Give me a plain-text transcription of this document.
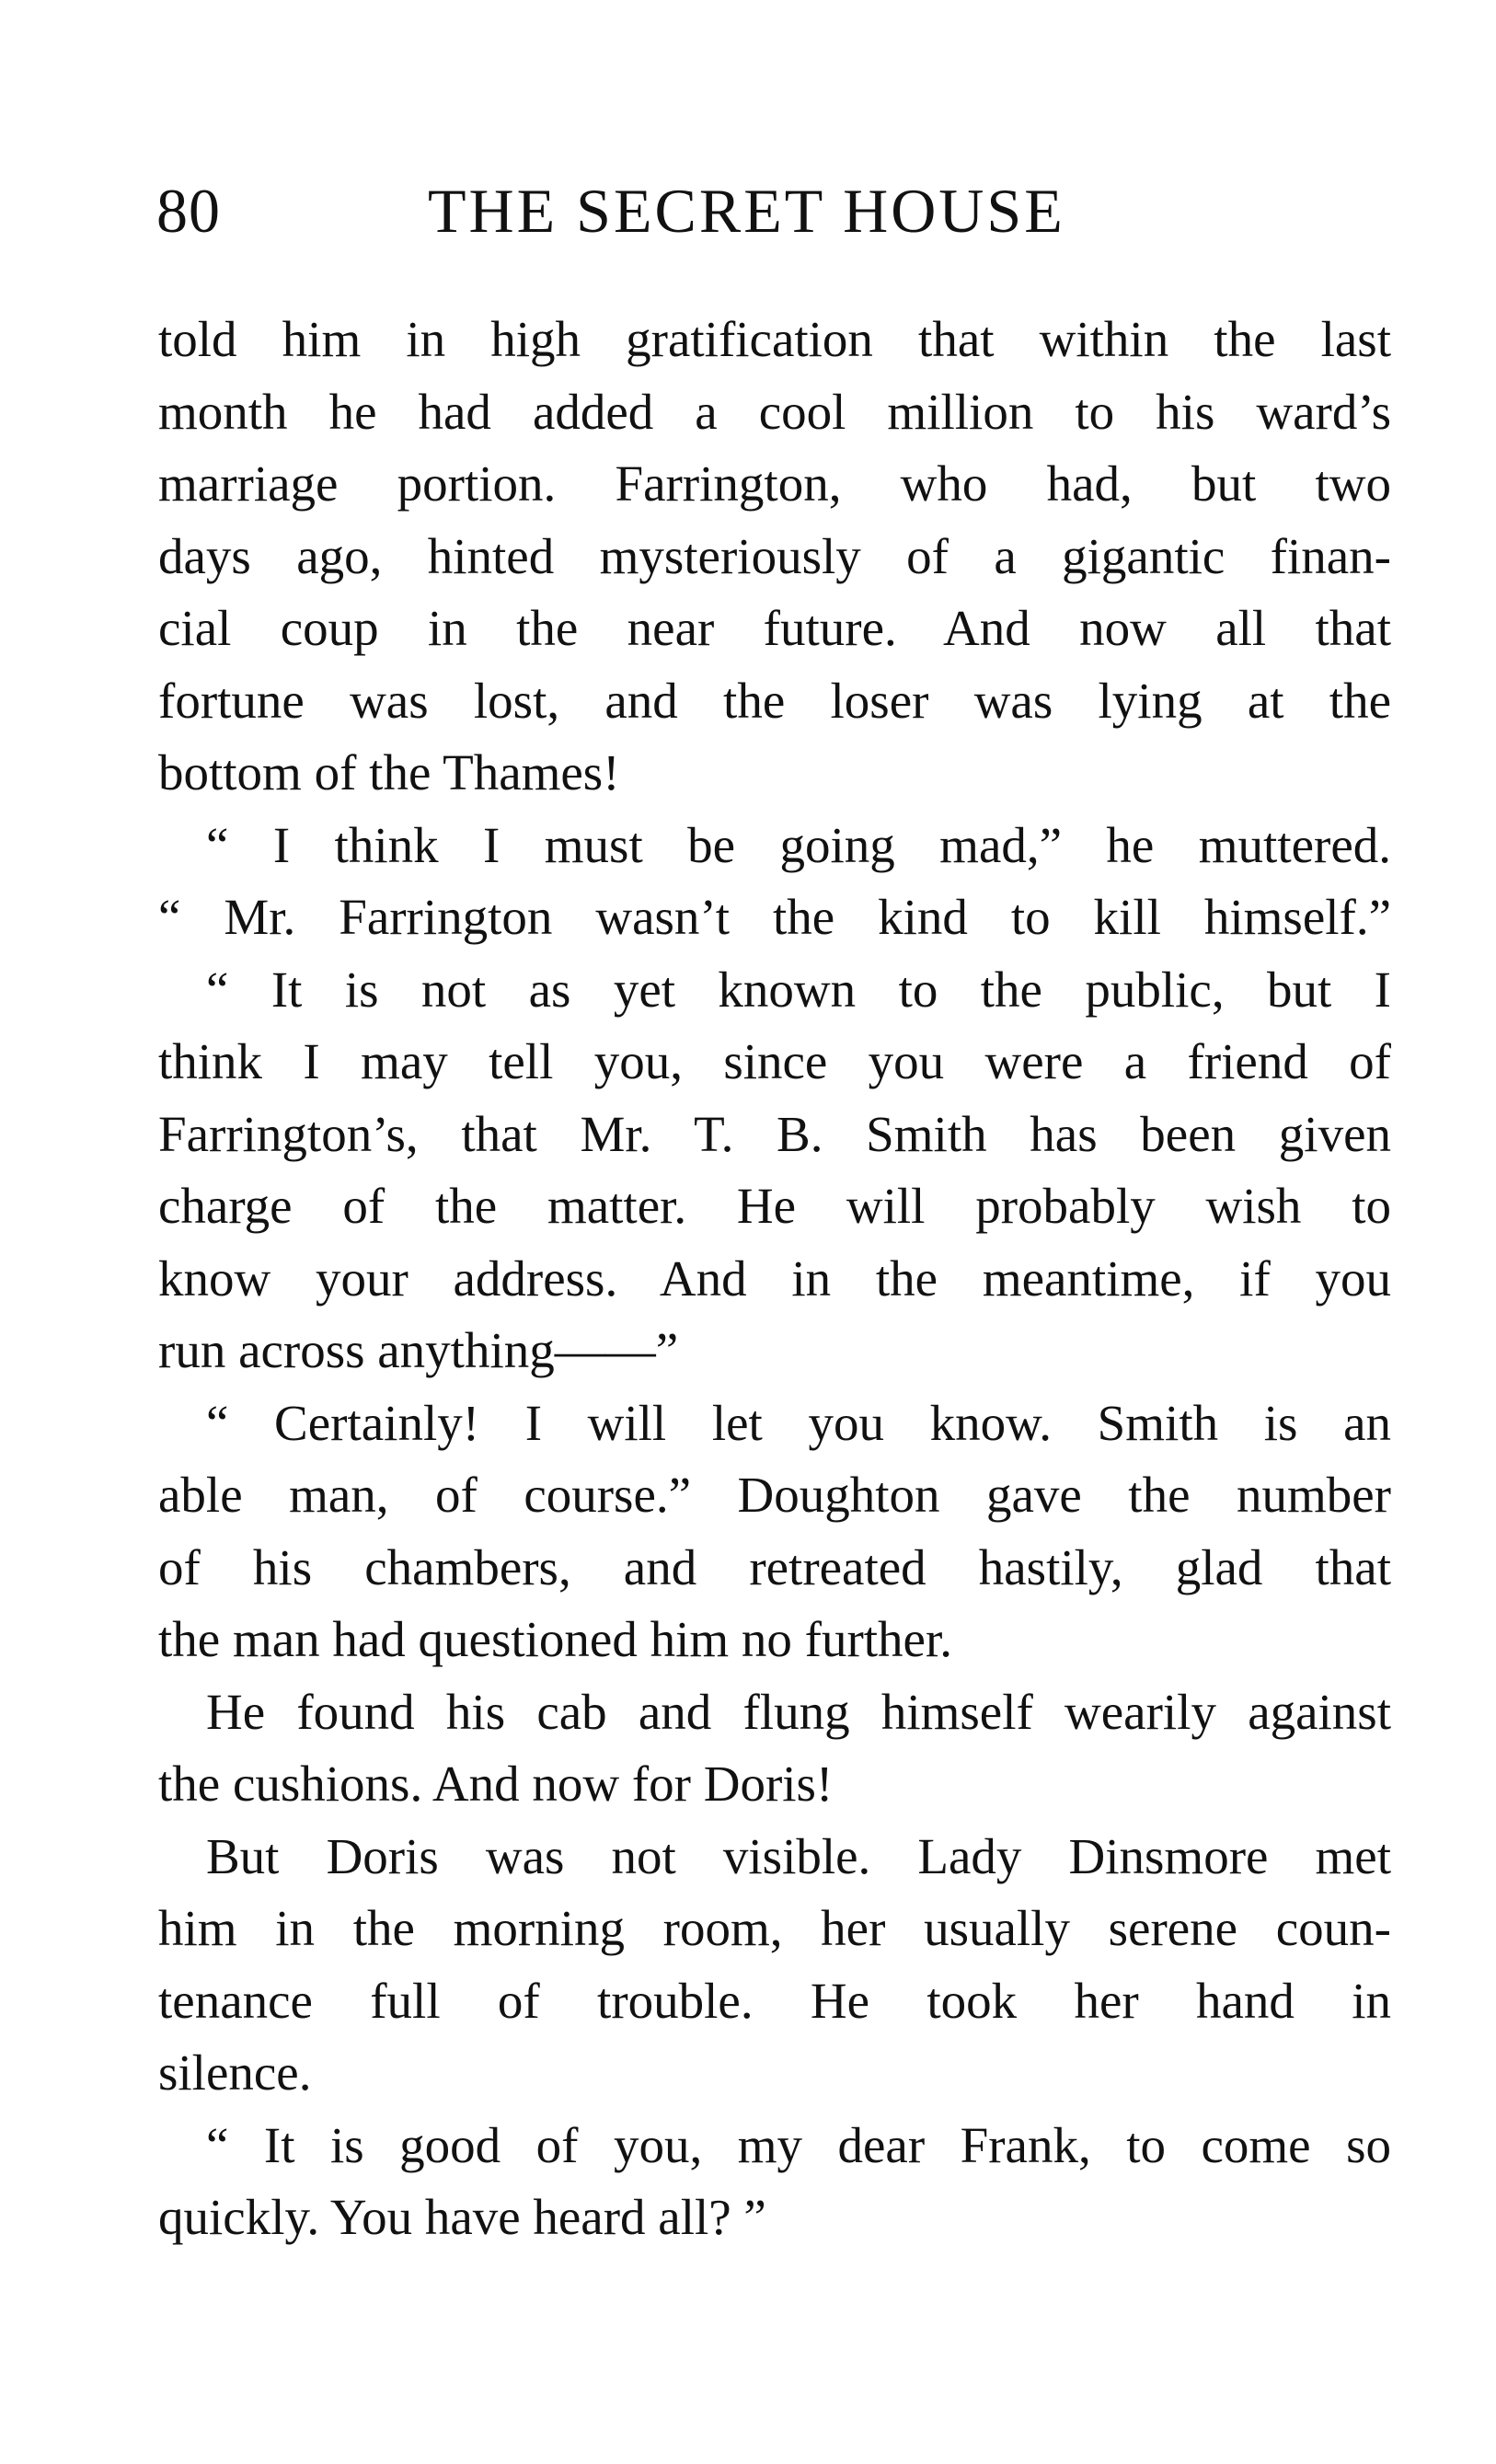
80	THE SECRET HOUSE
told him in high gratification that within the last
month he had added a cool million to his ward’s
marriage portion. Farrington, who had, but two
days ago, hinted mysteriously of a gigantic finan-
cial coup in the near future. And now all that
fortune was lost, and the loser was lying at the
bottom of the Thames!
“ I think I must be going mad,” he muttered.
“ Mr. Farrington wasn’t the kind to kill himself.”
“ It is not as yet known to the public, but I
think I may tell you, since you were a friend of
Farrington’s, that Mr. T. B. Smith has been given
charge of the matter. He will probably wish to
know your address. And in the meantime, if you
run across anything——”
“ Certainly! I will let you know. Smith is an
able man, of course.” Doughton gave the number
of his chambers, and retreated hastily, glad that
the man had questioned him no further.
He found his cab and flung himself wearily against
the cushions. And now for Doris!
But Doris was not visible. Lady Dinsmore met
him in the morning room, her usually serene coun-
tenance full of trouble. He took her hand in
silence.
“ It is good of you, my dear Frank, to come so
quickly. You have heard all? ”
